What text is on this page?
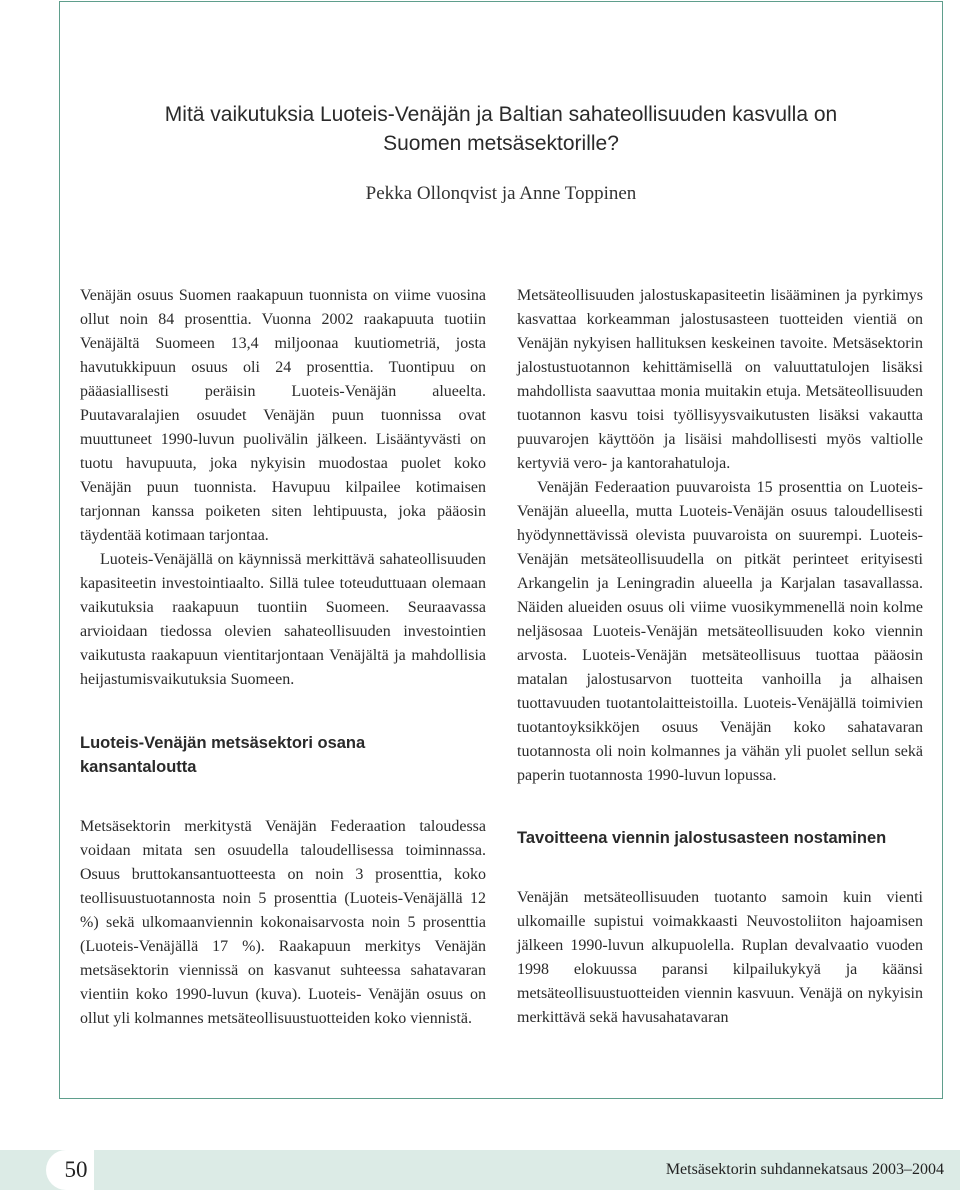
Mitä vaikutuksia Luoteis-Venäjän ja Baltian sahateollisuuden kasvulla on
Suomen metsäsektorille?
Pekka Ollonqvist ja Anne Toppinen

Venäjän osuus Suomen raakapuun tuonnista on viime vuosina ollut noin 84 prosenttia. Vuonna 2002 raakapuuta tuotiin Venäjältä Suomeen 13,4 miljoonaa kuutiometriä, josta havutukkipuun osuus oli 24 prosenttia. Tuontipuu on pääasiallisesti peräisin Luoteis-Venäjän alueelta. Puutavaralajien osuudet Venäjän puun tuonnissa ovat muuttuneet 1990-luvun puolivälin jälkeen. Lisääntyvästi on tuotu havupuuta, joka nykyisin muodostaa puolet koko Venäjän puun tuonnista. Havupuu kilpailee kotimaisen tarjonnan kanssa poiketen siten lehtipuusta, joka pääosin täydentää kotimaan tarjontaa.

Luoteis-Venäjällä on käynnissä merkittävä sahateollisuuden kapasiteetin investointiaalto. Sillä tulee toteuduttuaan olemaan vaikutuksia raakapuun tuontiin Suomeen. Seuraavassa arvioidaan tiedossa olevien sahateollisuuden investointien vaikutusta raakapuun vientitarjontaan Venäjältä ja mahdollisia heijastumisvaikutuksia Suomeen.

Luoteis-Venäjän metsäsektori osana kansantaloutta

Metsäsektorin merkitystä Venäjän Federaation taloudessa voidaan mitata sen osuudella taloudellisessa toiminnassa. Osuus bruttokansantuotteesta on noin 3 prosenttia, koko teollisuustuotannosta noin 5 prosenttia (Luoteis-Venäjällä 12 %) sekä ulkomaanviennin kokonaisarvosta noin 5 prosenttia (Luoteis-Venäjällä 17 %). Raakapuun merkitys Venäjän metsäsektorin viennissä on kasvanut suhteessa sahatavaran vientiin koko 1990-luvun (kuva). Luoteis- Venäjän osuus on ollut yli kolmannes metsäteollisuustuotteiden koko viennistä.

Metsäteollisuuden jalostuskapasiteetin lisääminen ja pyrkimys kasvattaa korkeamman jalostusasteen tuotteiden vientiä on Venäjän nykyisen hallituksen keskeinen tavoite. Metsäsektorin jalostustuotannon kehittämisellä on valuuttatulojen lisäksi mahdollista saavuttaa monia muitakin etuja. Metsäteollisuuden tuotannon kasvu toisi työllisyysvaikutusten lisäksi vakautta puuvarojen käyttöön ja lisäisi mahdollisesti myös valtiolle kertyviä vero- ja kantorahatuloja.

Venäjän Federaation puuvaroista 15 prosenttia on Luoteis-Venäjän alueella, mutta Luoteis-Venäjän osuus taloudellisesti hyödynnettävissä olevista puuvaroista on suurempi. Luoteis-Venäjän metsäteollisuudella on pitkät perinteet erityisesti Arkangelin ja Leningradin alueella ja Karjalan tasavallassa. Näiden alueiden osuus oli viime vuosikymmenellä noin kolme neljäsosaa Luoteis-Venäjän metsäteollisuuden koko viennin arvosta. Luoteis-Venäjän metsäteollisuus tuottaa pääosin matalan jalostusarvon tuotteita vanhoilla ja alhaisen tuottavuuden tuotantolaitteistoilla. Luoteis-Venäjällä toimivien tuotantoyksikköjen osuus Venäjän koko sahatavaran tuotannosta oli noin kolmannes ja vähän yli puolet sellun sekä paperin tuotannosta 1990-luvun lopussa.

Tavoitteena viennin jalostusasteen nostaminen

Venäjän metsäteollisuuden tuotanto samoin kuin vienti ulkomaille supistui voimakkaasti Neuvostoliiton hajoamisen jälkeen 1990-luvun alkupuolella. Ruplan devalvaatio vuoden 1998 elokuussa paransi kilpailukykyä ja käänsi metsäteollisuustuotteiden viennin kasvuun. Venäjä on nykyisin merkittävä sekä havusahatavaran

50	Metsäsektorin suhdannekatsaus 2003–2004
